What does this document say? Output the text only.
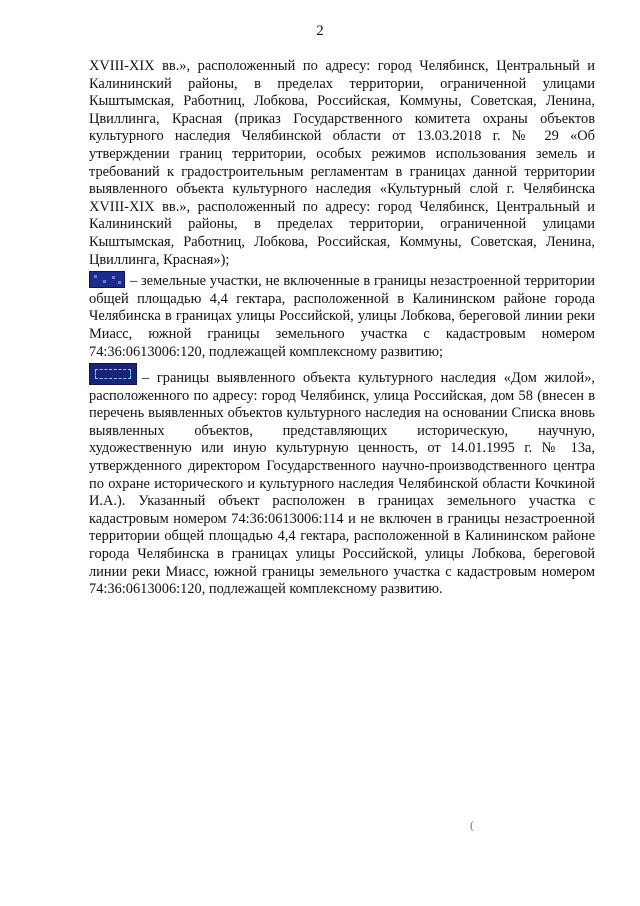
2

XVIII-XIX вв.», расположенный по адресу: город Челябинск, Центральный и Калининский районы, в пределах территории, ограниченной улицами Кыштымская, Работниц, Лобкова, Российская, Коммуны, Советская, Ленина, Цвиллинга, Красная (приказ Государственного комитета охраны объектов культурного наследия Челябинской области от 13.03.2018 г. № 29 «Об утверждении границ территории, особых режимов использования земель и требований к градостроительным регламентам в границах данной территории выявленного объекта культурного наследия «Культурный слой г. Челябинска XVIII-XIX вв.», расположенный по адресу: город Челябинск, Центральный и Калининский районы, в пределах территории, ограниченной улицами Кыштымская, Работниц, Лобкова, Российская, Коммуны, Советская, Ленина, Цвиллинга, Красная»);

– земельные участки, не включенные в границы незастроенной территории общей площадью 4,4 гектара, расположенной в Калининском районе города Челябинска в границах улицы Российской, улицы Лобкова, береговой линии реки Миасс, южной границы земельного участка с кадастровым номером 74:36:0613006:120, подлежащей комплексному развитию;

– границы выявленного объекта культурного наследия «Дом жилой», расположенного по адресу: город Челябинск, улица Российская, дом 58 (внесен в перечень выявленных объектов культурного наследия на основании Списка вновь выявленных объектов, представляющих историческую, научную, художественную или иную культурную ценность, от 14.01.1995 г. № 13а, утвержденного директором Государственного научно-производственного центра по охране исторического и культурного наследия Челябинской области Кочкиной И.А.). Указанный объект расположен в границах земельного участка с кадастровым номером 74:36:0613006:114 и не включен в границы незастроенной территории общей площадью 4,4 гектара, расположенной в Калининском районе города Челябинска в границах улицы Российской, улицы Лобкова, береговой линии реки Миасс, южной границы земельного участка с кадастровым номером 74:36:0613006:120, подлежащей комплексному развитию.

(
